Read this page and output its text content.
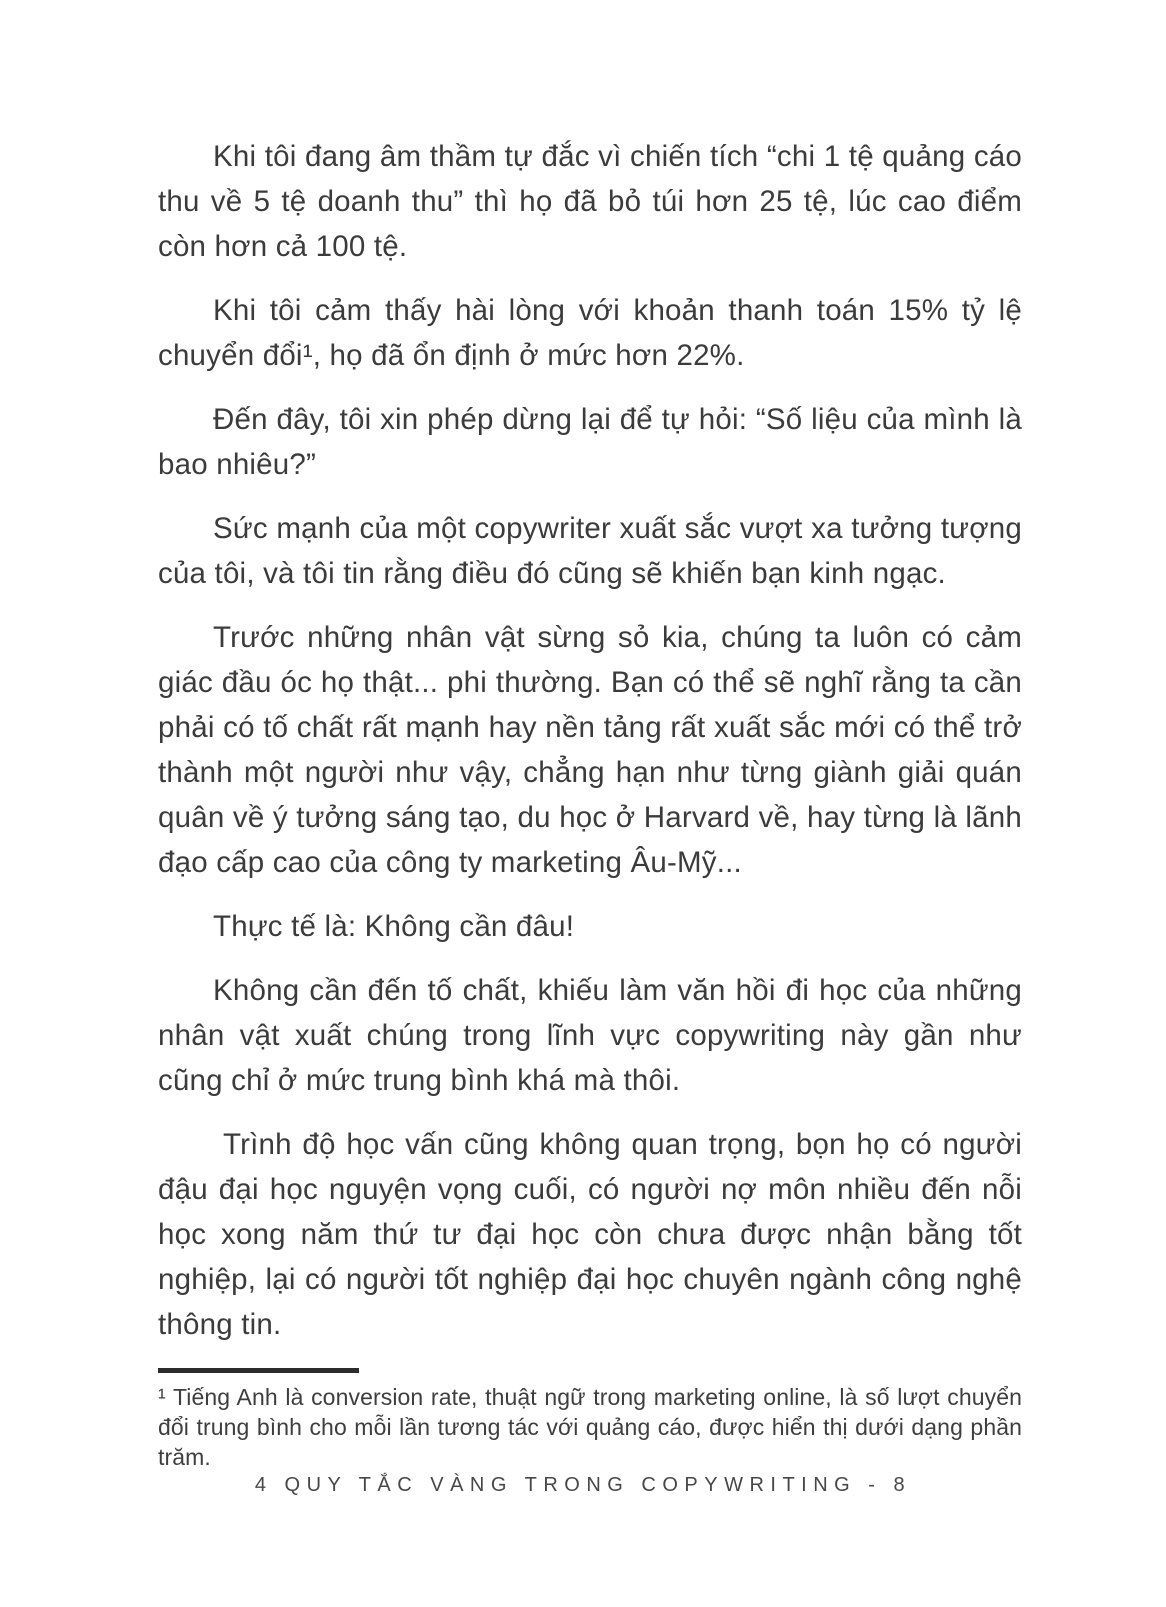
Khi tôi đang âm thầm tự đắc vì chiến tích “chi 1 tệ quảng cáo thu về 5 tệ doanh thu” thì họ đã bỏ túi hơn 25 tệ, lúc cao điểm còn hơn cả 100 tệ.

Khi tôi cảm thấy hài lòng với khoản thanh toán 15% tỷ lệ chuyển đổi¹, họ đã ổn định ở mức hơn 22%.

Đến đây, tôi xin phép dừng lại để tự hỏi: “Số liệu của mình là bao nhiêu?”

Sức mạnh của một copywriter xuất sắc vượt xa tưởng tượng của tôi, và tôi tin rằng điều đó cũng sẽ khiến bạn kinh ngạc.

Trước những nhân vật sừng sỏ kia, chúng ta luôn có cảm giác đầu óc họ thật... phi thường. Bạn có thể sẽ nghĩ rằng ta cần phải có tố chất rất mạnh hay nền tảng rất xuất sắc mới có thể trở thành một người như vậy, chẳng hạn như từng giành giải quán quân về ý tưởng sáng tạo, du học ở Harvard về, hay từng là lãnh đạo cấp cao của công ty marketing Âu-Mỹ...

Thực tế là: Không cần đâu!

Không cần đến tố chất, khiếu làm văn hồi đi học của những nhân vật xuất chúng trong lĩnh vực copywriting này gần như cũng chỉ ở mức trung bình khá mà thôi.

Trình độ học vấn cũng không quan trọng, bọn họ có người đậu đại học nguyện vọng cuối, có người nợ môn nhiều đến nỗi học xong năm thứ tư đại học còn chưa được nhận bằng tốt nghiệp, lại có người tốt nghiệp đại học chuyên ngành công nghệ thông tin.

¹ Tiếng Anh là conversion rate, thuật ngữ trong marketing online, là số lượt chuyển đổi trung bình cho mỗi lần tương tác với quảng cáo, được hiển thị dưới dạng phần trăm.

4 QUY TẮC VÀNG TRONG COPYWRITING - 8
